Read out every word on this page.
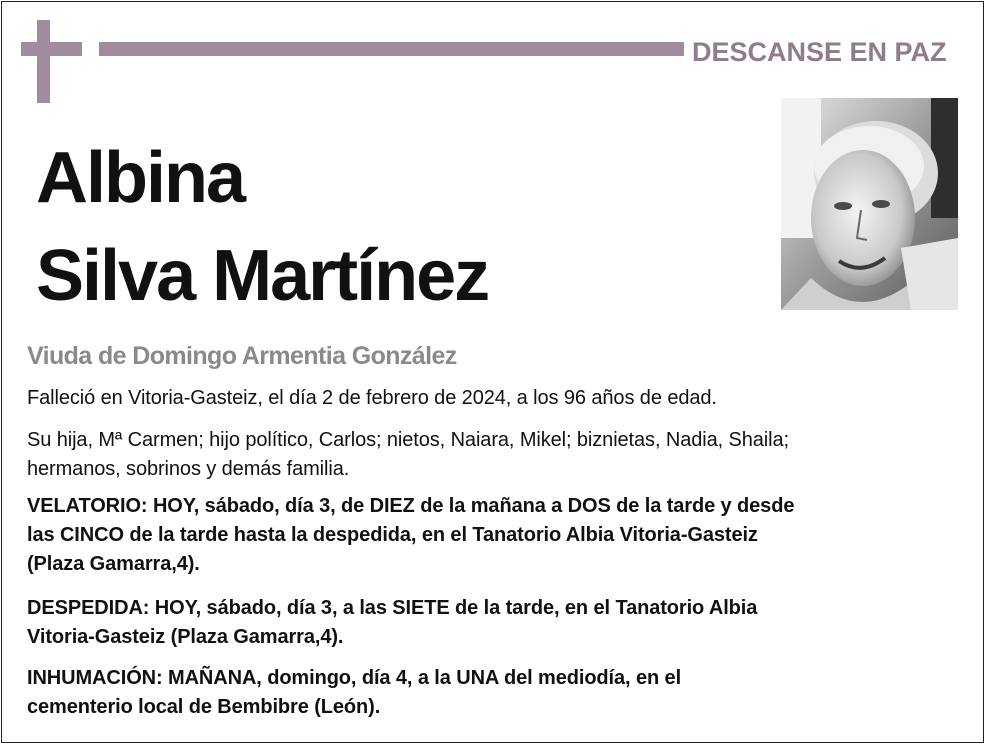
DESCANSE EN PAZ
Albina
Silva Martínez
Viuda de Domingo Armentia González
Falleció en Vitoria-Gasteiz, el día 2 de febrero de 2024, a los 96 años de edad.
Su hija, Mª Carmen; hijo político, Carlos; nietos, Naiara, Mikel; biznietas, Nadia, Shaila;
hermanos, sobrinos y demás familia.
VELATORIO: HOY, sábado, día 3, de DIEZ de la mañana a DOS de la tarde y desde
las CINCO de la tarde hasta la despedida, en el Tanatorio Albia Vitoria-Gasteiz
(Plaza Gamarra,4).
DESPEDIDA: HOY, sábado, día 3, a las SIETE de la tarde, en el Tanatorio Albia
Vitoria-Gasteiz (Plaza Gamarra,4).
INHUMACIÓN: MAÑANA, domingo, día 4, a la UNA del mediodía, en el
cementerio local de Bembibre (León).
